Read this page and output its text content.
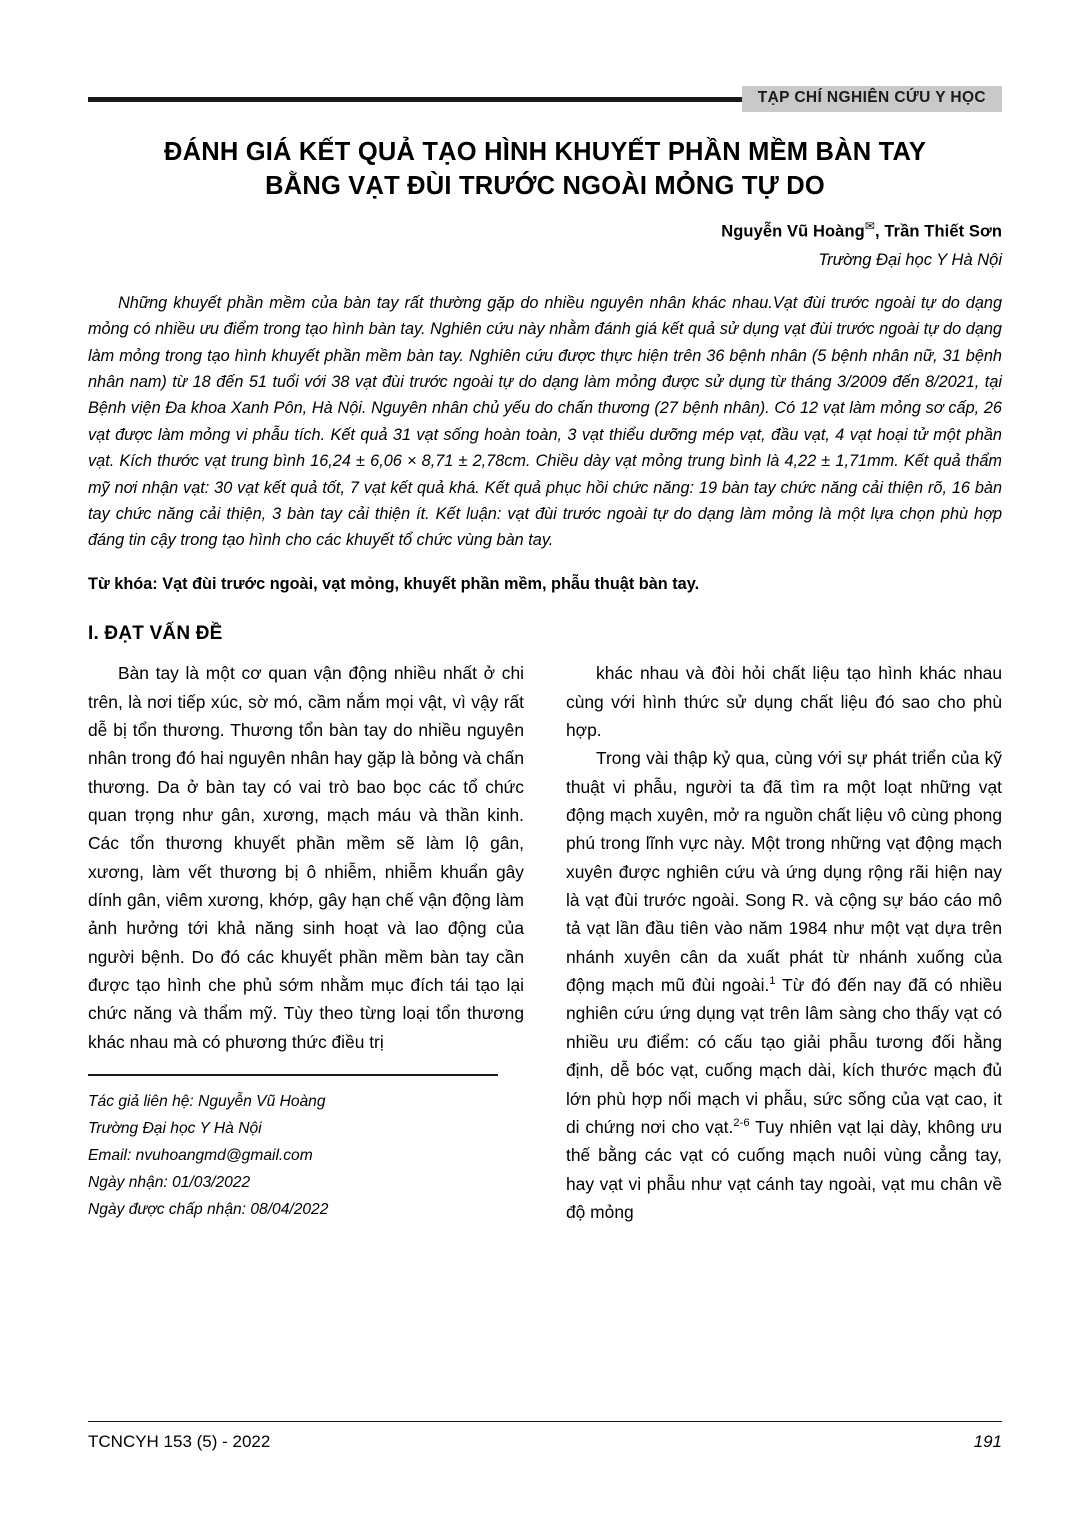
TẠP CHÍ NGHIÊN CỨU Y HỌC
ĐÁNH GIÁ KẾT QUẢ TẠO HÌNH KHUYẾT PHẦN MỀM BÀN TAY
BẰNG VẠT ĐÙI TRƯỚC NGOÀI MỎNG TỰ DO
Nguyễn Vũ Hoàng✉, Trần Thiết Sơn
Trường Đại học Y Hà Nội
Những khuyết phần mềm của bàn tay rất thường gặp do nhiều nguyên nhân khác nhau.Vạt đùi trước ngoài tự do dạng mỏng có nhiều ưu điểm trong tạo hình bàn tay. Nghiên cứu này nhằm đánh giá kết quả sử dụng vạt đùi trước ngoài tự do dạng làm mỏng trong tạo hình khuyết phần mềm bàn tay. Nghiên cứu được thực hiện trên 36 bệnh nhân (5 bệnh nhân nữ, 31 bệnh nhân nam) từ 18 đến 51 tuổi với 38 vạt đùi trước ngoài tự do dạng làm mỏng được sử dụng từ tháng 3/2009 đến 8/2021, tại Bệnh viện Đa khoa Xanh Pôn, Hà Nội. Nguyên nhân chủ yếu do chấn thương (27 bệnh nhân). Có 12 vạt làm mỏng sơ cấp, 26 vạt được làm mỏng vi phẫu tích. Kết quả 31 vạt sống hoàn toàn, 3 vạt thiểu dưỡng mép vạt, đầu vạt, 4 vạt hoại tử một phần vạt. Kích thước vạt trung bình 16,24 ± 6,06 × 8,71 ± 2,78cm. Chiều dày vạt mỏng trung bình là 4,22 ± 1,71mm. Kết quả thẩm mỹ nơi nhận vạt: 30 vạt kết quả tốt, 7 vạt kết quả khá. Kết quả phục hồi chức năng: 19 bàn tay chức năng cải thiện rõ, 16 bàn tay chức năng cải thiện, 3 bàn tay cải thiện ít. Kết luận: vạt đùi trước ngoài tự do dạng làm mỏng là một lựa chọn phù hợp đáng tin cậy trong tạo hình cho các khuyết tổ chức vùng bàn tay.
Từ khóa: Vạt đùi trước ngoài, vạt mỏng, khuyết phần mềm, phẫu thuật bàn tay.
I. ĐẠT VẤN ĐỀ

Bàn tay là một cơ quan vận động nhiều nhất ở chi trên, là nơi tiếp xúc, sờ mó, cầm nắm mọi vật, vì vậy rất dễ bị tổn thương. Thương tổn bàn tay do nhiều nguyên nhân trong đó hai nguyên nhân hay gặp là bỏng và chấn thương. Da ở bàn tay có vai trò bao bọc các tổ chức quan trọng như gân, xương, mạch máu và thần kinh. Các tổn thương khuyết phần mềm sẽ làm lộ gân, xương, làm vết thương bị ô nhiễm, nhiễm khuẩn gây dính gân, viêm xương, khớp, gây hạn chế vận động làm ảnh hưởng tới khả năng sinh hoạt và lao động của người bệnh. Do đó các khuyết phần mềm bàn tay cần được tạo hình che phủ sớm nhằm mục đích tái tạo lại chức năng và thẩm mỹ. Tùy theo từng loại tổn thương khác nhau mà có phương thức điều trị

Tác giả liên hệ: Nguyễn Vũ Hoàng
Trường Đại học Y Hà Nội
Email: nvuhoangmd@gmail.com
Ngày nhận: 01/03/2022
Ngày được chấp nhận: 08/04/2022

khác nhau và đòi hỏi chất liệu tạo hình khác nhau cùng với hình thức sử dụng chất liệu đó sao cho phù hợp.

Trong vài thập kỷ qua, cùng với sự phát triển của kỹ thuật vi phẫu, người ta đã tìm ra một loạt những vạt động mạch xuyên, mở ra nguồn chất liệu vô cùng phong phú trong lĩnh vực này. Một trong những vạt động mạch xuyên được nghiên cứu và ứng dụng rộng rãi hiện nay là vạt đùi trước ngoài. Song R. và cộng sự báo cáo mô tả vạt lần đầu tiên vào năm 1984 như một vạt dựa trên nhánh xuyên cân da xuất phát từ nhánh xuống của động mạch mũ đùi ngoài.$^1$ Từ đó đến nay đã có nhiều nghiên cứu ứng dụng vạt trên lâm sàng cho thấy vạt có nhiều ưu điểm: có cấu tạo giải phẫu tương đối hằng định, dễ bóc vạt, cuống mạch dài, kích thước mạch đủ lớn phù hợp nối mạch vi phẫu, sức sống của vạt cao, it di chứng nơi cho vạt.$^{2-6}$ Tuy nhiên vạt lại dày, không ưu thế bằng các vạt có cuống mạch nuôi vùng cẳng tay, hay vạt vi phẫu như vạt cánh tay ngoài, vạt mu chân về độ mỏng

TCNCYH 153 (5) - 2022	191
